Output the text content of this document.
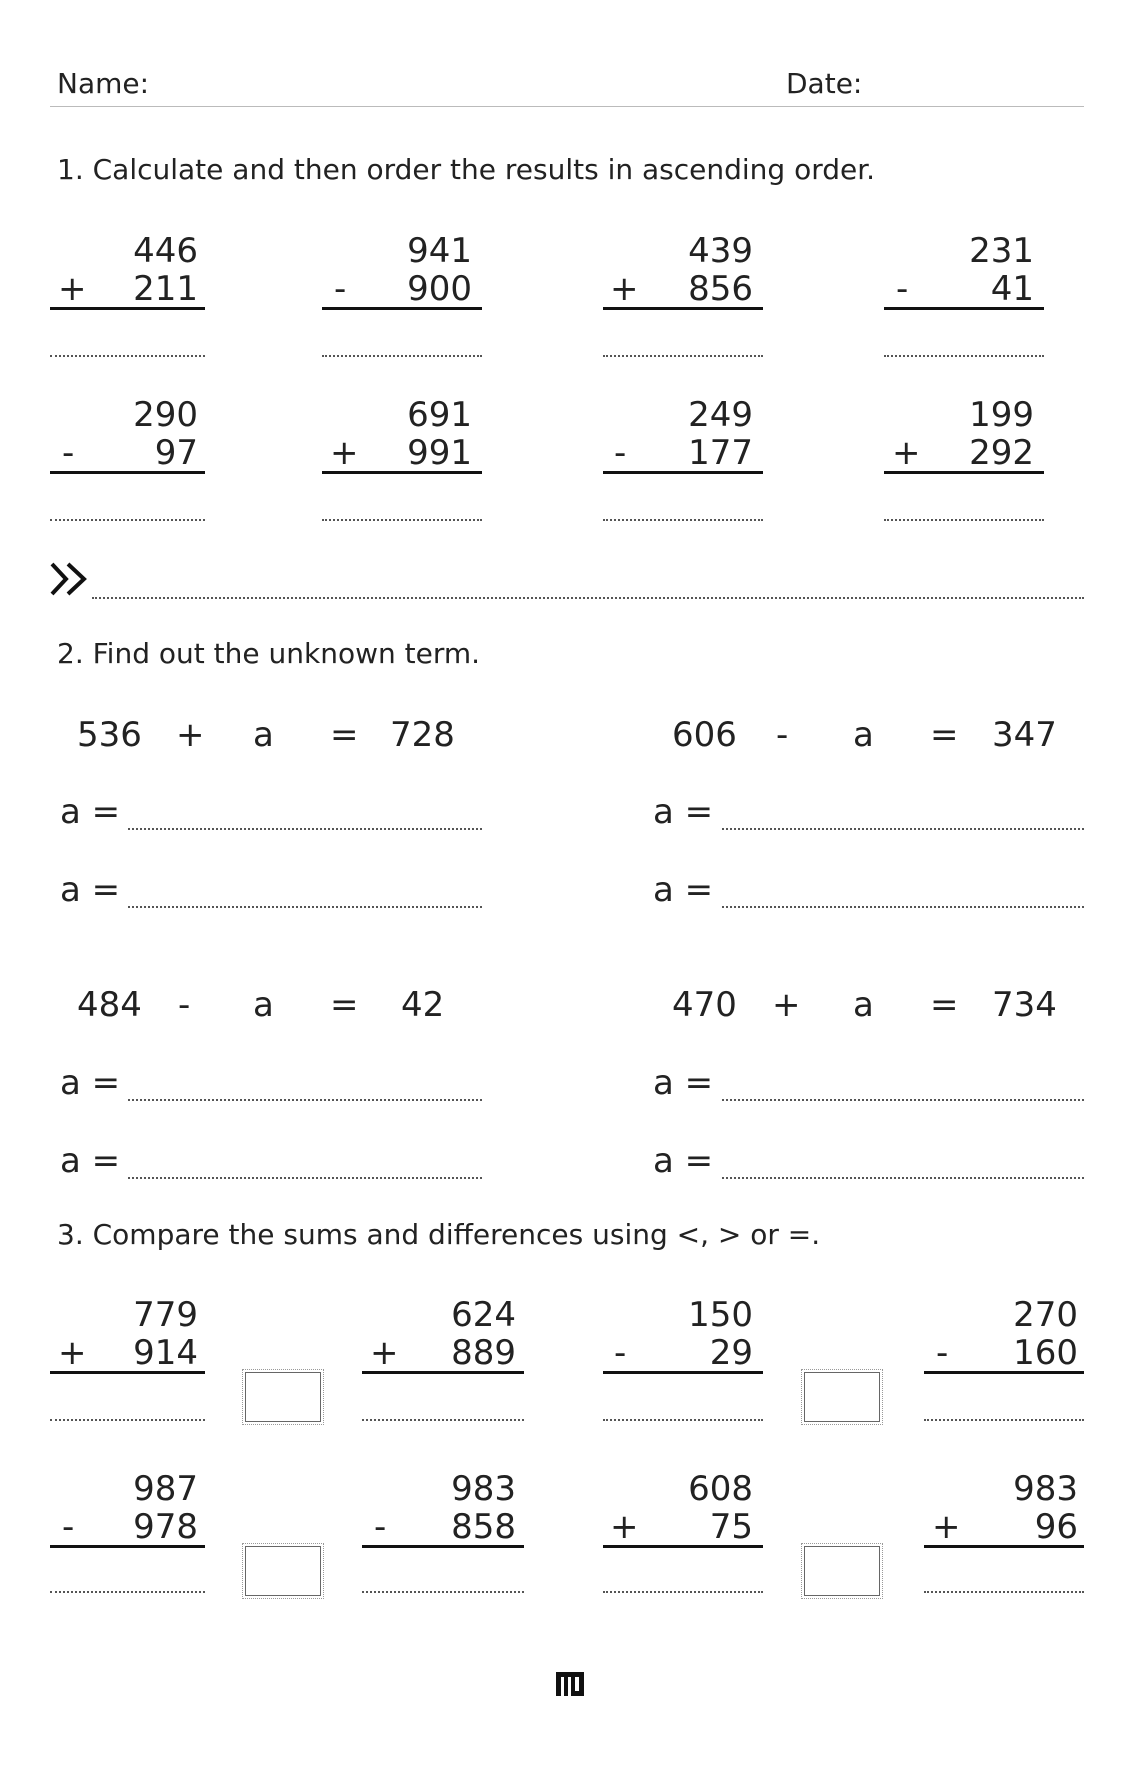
Name:	Date:
1. Calculate and then order the results in ascending order.
446
+	211
941
-	900
439
+	856
231
-	41
290
-	97
691
+	991
249
-	177
199
+	292
2. Find out the unknown term.
536 + a = 728
a =
a =
606 - a = 347
a =
a =
484 - a = 42
a =
a =
470 + a = 734
a =
a =
3. Compare the sums and differences using <, > or =.
779
+	914
624
+	889
150
-	29
270
-	160
987
-	978
983
-	858
608
+	75
983
+	96
